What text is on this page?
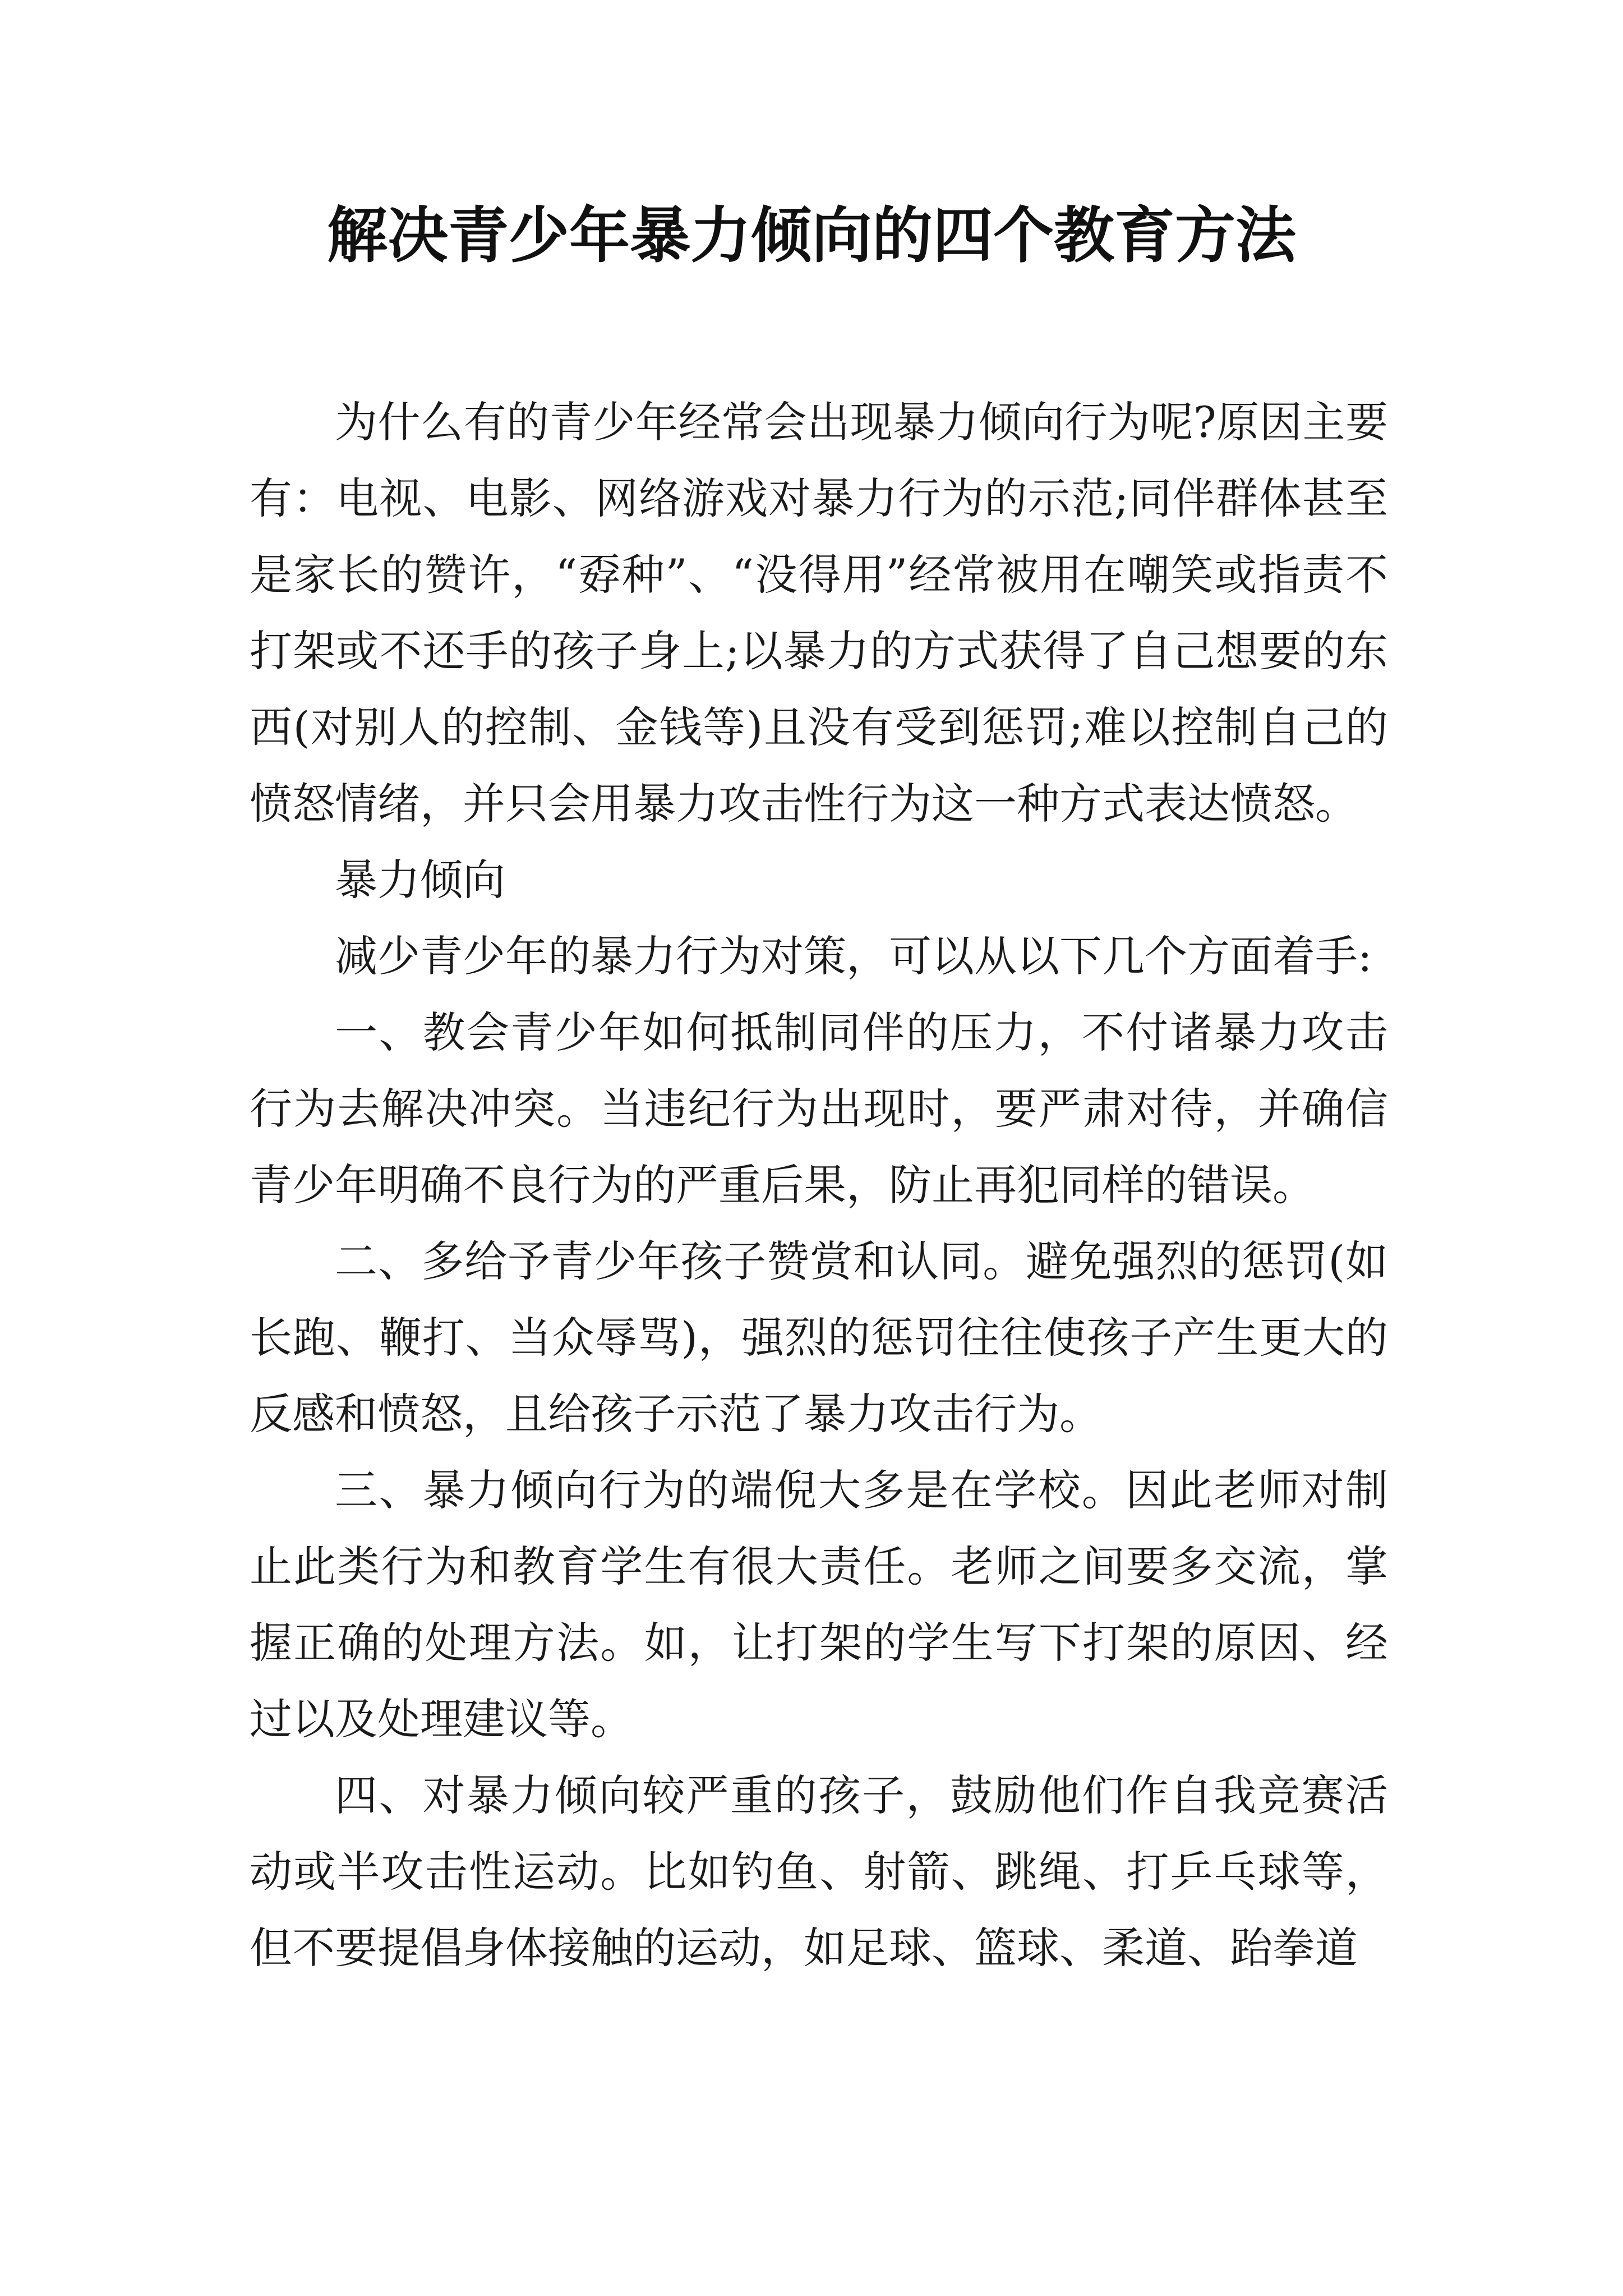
解决青少年暴力倾向的四个教育方法

为什么有的青少年经常会出现暴力倾向行为呢?原因主要有：电视、电影、网络游戏对暴力行为的示范;同伴群体甚至是家长的赞许，“孬种”、“没得用”经常被用在嘲笑或指责不打架或不还手的孩子身上;以暴力的方式获得了自己想要的东西(对别人的控制、金钱等)且没有受到惩罚;难以控制自己的愤怒情绪，并只会用暴力攻击性行为这一种方式表达愤怒。

暴力倾向

减少青少年的暴力行为对策，可以从以下几个方面着手:

一、教会青少年如何抵制同伴的压力，不付诸暴力攻击行为去解决冲突。当违纪行为出现时，要严肃对待，并确信青少年明确不良行为的严重后果，防止再犯同样的错误。

二、多给予青少年孩子赞赏和认同。避免强烈的惩罚(如长跑、鞭打、当众辱骂)，强烈的惩罚往往使孩子产生更大的反感和愤怒，且给孩子示范了暴力攻击行为。

三、暴力倾向行为的端倪大多是在学校。因此老师对制止此类行为和教育学生有很大责任。老师之间要多交流，掌握正确的处理方法。如，让打架的学生写下打架的原因、经过以及处理建议等。

四、对暴力倾向较严重的孩子，鼓励他们作自我竞赛活动或半攻击性运动。比如钓鱼、射箭、跳绳、打乒乓球等，但不要提倡身体接触的运动，如足球、篮球、柔道、跆拳道
